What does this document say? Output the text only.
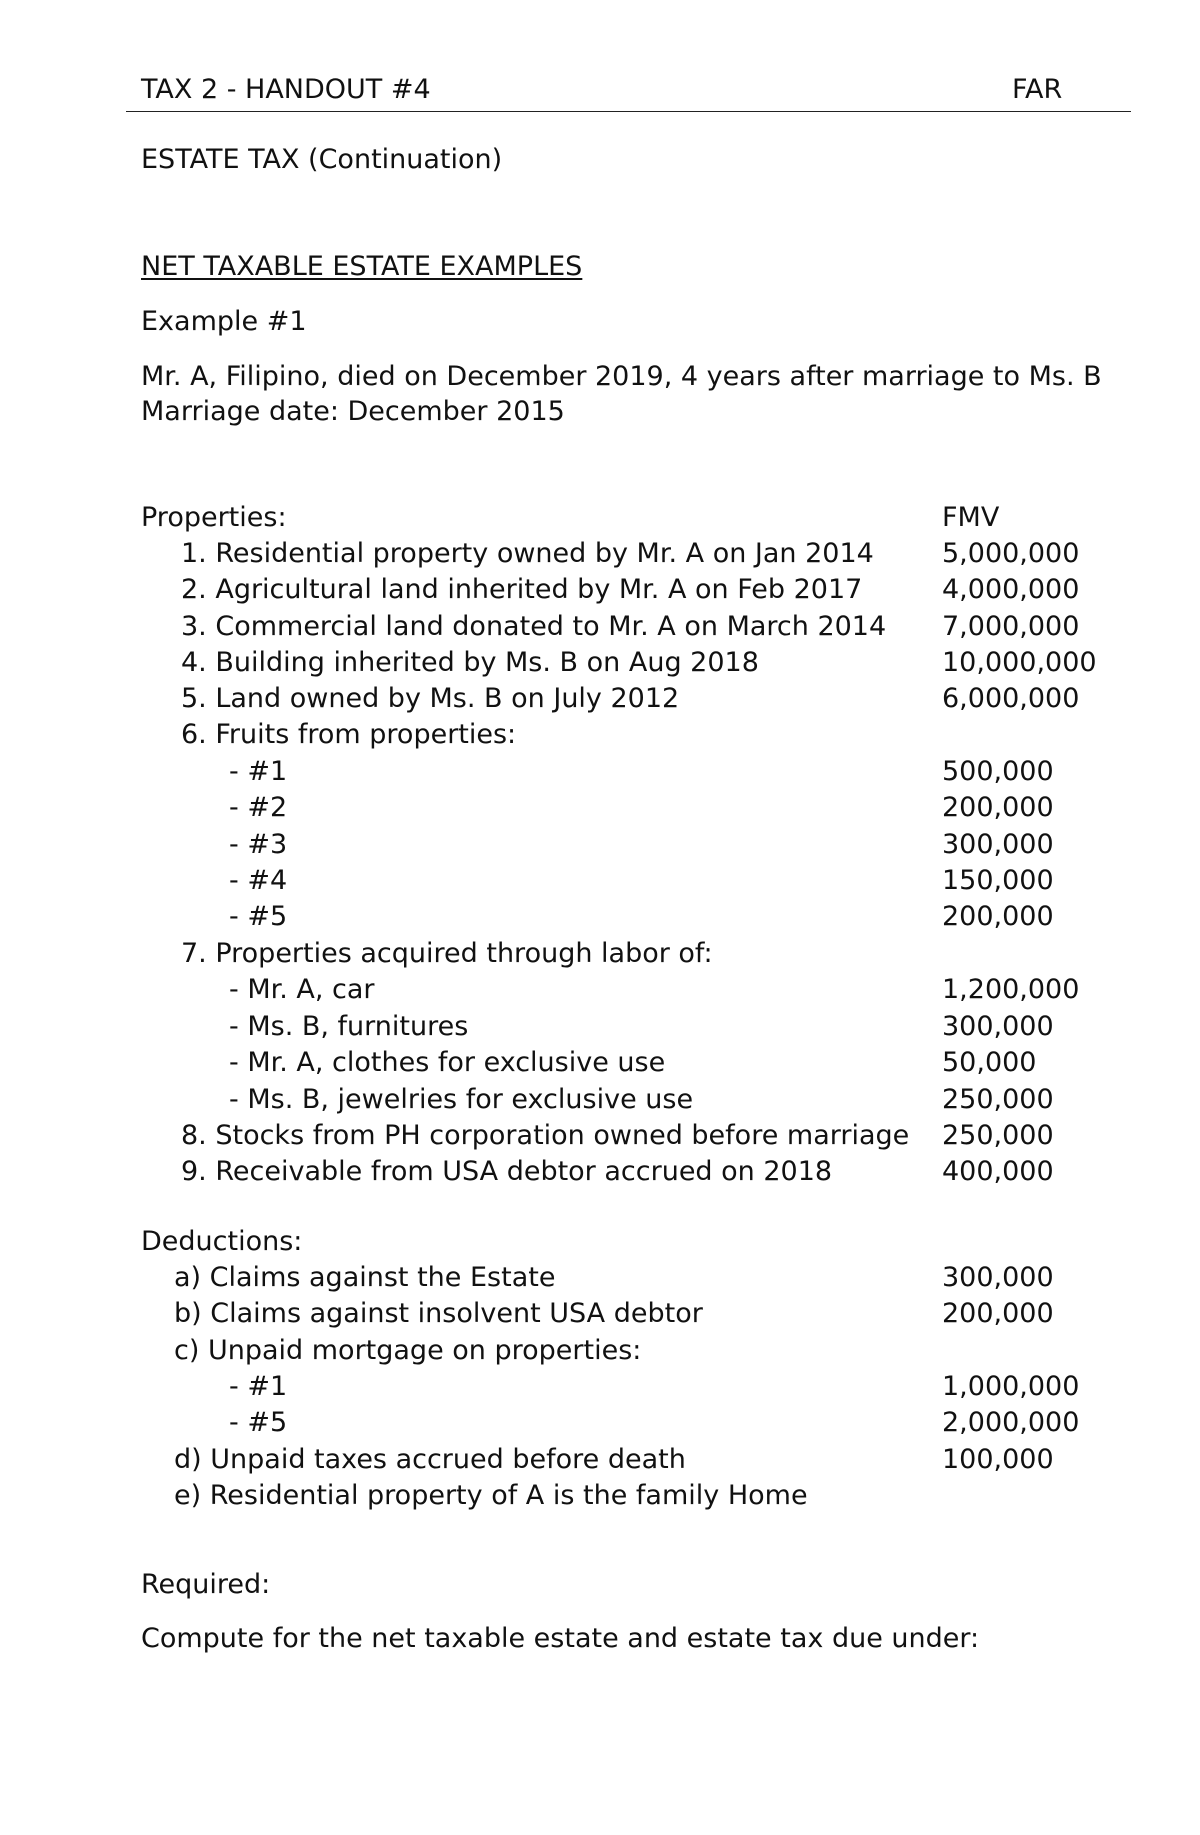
TAX 2 - HANDOUT #4	FAR
ESTATE TAX (Continuation)
NET TAXABLE ESTATE EXAMPLES
Example #1
Mr. A, Filipino, died on December 2019, 4 years after marriage to Ms. B
Marriage date: December 2015
Properties:	FMV
1. Residential property owned by Mr. A on Jan 2014	5,000,000
2. Agricultural land inherited by Mr. A on Feb 2017	4,000,000
3. Commercial land donated to Mr. A on March 2014 7,000,000
4. Building inherited by Ms. B on Aug 2018	10,000,000
5. Land owned by Ms. B on July 2012	6,000,000
6. Fruits from properties:
- #1	500,000
- #2	200,000
- #3	300,000
- #4	150,000
- #5	200,000
7. Properties acquired through labor of:
- Mr. A, car	1,200,000
- Ms. B, furnitures	300,000
- Mr. A, clothes for exclusive use	50,000
- Ms. B, jewelries for exclusive use	250,000
8. Stocks from PH corporation owned before marriage 250,000
9. Receivable from USA debtor accrued on 2018	400,000
Deductions:
a) Claims against the Estate	300,000
b) Claims against insolvent USA debtor	200,000
c) Unpaid mortgage on properties:
- #1	1,000,000
- #5	2,000,000
d) Unpaid taxes accrued before death	100,000
e) Residential property of A is the family Home
Required:
Compute for the net taxable estate and estate tax due under:
